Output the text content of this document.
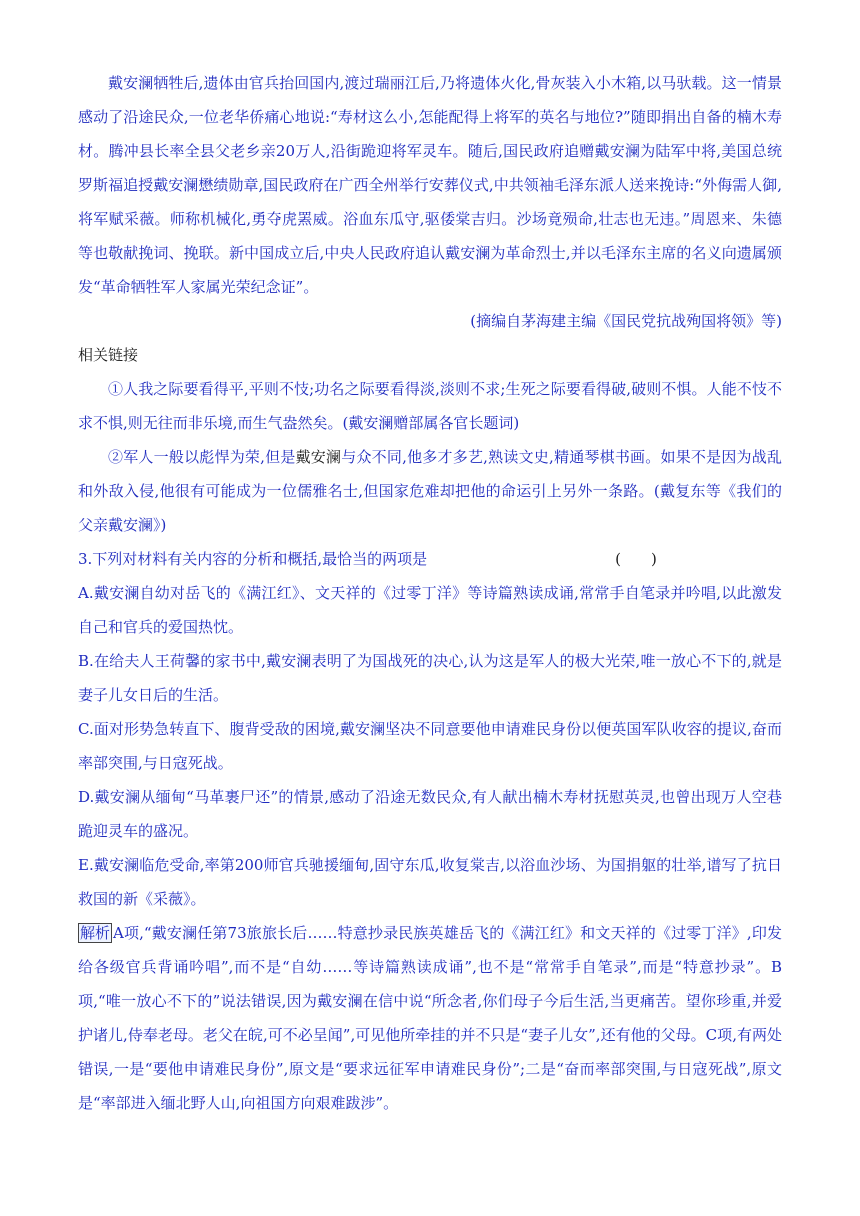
戴安澜牺牲后,遗体由官兵抬回国内,渡过瑞丽江后,乃将遗体火化,骨灰装入小木箱,以马驮载。这一情景感动了沿途民众,一位老华侨痛心地说:“寿材这么小,怎能配得上将军的英名与地位?”随即捐出自备的楠木寿材。腾冲县长率全县父老乡亲20万人,沿街跪迎将军灵车。随后,国民政府追赠戴安澜为陆军中将,美国总统罗斯福追授戴安澜懋绩勋章,国民政府在广西全州举行安葬仪式,中共领袖毛泽东派人送来挽诗:“外侮需人御,将军赋采薇。师称机械化,勇夺虎罴威。浴血东瓜守,驱倭棠吉归。沙场竟殒命,壮志也无违。”周恩来、朱德等也敬献挽词、挽联。新中国成立后,中央人民政府追认戴安澜为革命烈士,并以毛泽东主席的名义向遗属颁发“革命牺牲军人家属光荣纪念证”。

(摘编自茅海建主编《国民党抗战殉国将领》等)

相关链接

①人我之际要看得平,平则不忮;功名之际要看得淡,淡则不求;生死之际要看得破,破则不惧。人能不忮不求不惧,则无往而非乐境,而生气盎然矣。(戴安澜赠部属各官长题词)

②军人一般以彪悍为荣,但是戴安澜与众不同,他多才多艺,熟读文史,精通琴棋书画。如果不是因为战乱和外敌入侵,他很有可能成为一位儒雅名士,但国家危难却把他的命运引上另外一条路。(戴复东等《我们的父亲戴安澜》)

3.下列对材料有关内容的分析和概括,最恰当的两项是	(　　)

A.戴安澜自幼对岳飞的《满江红》、文天祥的《过零丁洋》等诗篇熟读成诵,常常手自笔录并吟唱,以此激发自己和官兵的爱国热忱。

B.在给夫人王荷馨的家书中,戴安澜表明了为国战死的决心,认为这是军人的极大光荣,唯一放心不下的,就是妻子儿女日后的生活。

C.面对形势急转直下、腹背受敌的困境,戴安澜坚决不同意要他申请难民身份以便英国军队收容的提议,奋而率部突围,与日寇死战。

D.戴安澜从缅甸“马革裹尸还”的情景,感动了沿途无数民众,有人献出楠木寿材抚慰英灵,也曾出现万人空巷跪迎灵车的盛况。

E.戴安澜临危受命,率第200师官兵驰援缅甸,固守东瓜,收复棠吉,以浴血沙场、为国捐躯的壮举,谱写了抗日救国的新《采薇》。

解析 A项,“戴安澜任第73旅旅长后……特意抄录民族英雄岳飞的《满江红》和文天祥的《过零丁洋》,印发给各级官兵背诵吟唱”,而不是“自幼……等诗篇熟读成诵”,也不是“常常手自笔录”,而是“特意抄录”。B项,“唯一放心不下的”说法错误,因为戴安澜在信中说“所念者,你们母子今后生活,当更痛苦。望你珍重,并爱护诸儿,侍奉老母。老父在皖,可不必呈闻”,可见他所牵挂的并不只是“妻子儿女”,还有他的父母。C项,有两处错误,一是“要他申请难民身份”,原文是“要求远征军申请难民身份”;二是“奋而率部突围,与日寇死战”,原文是“率部进入缅北野人山,向祖国方向艰难跋涉”。
